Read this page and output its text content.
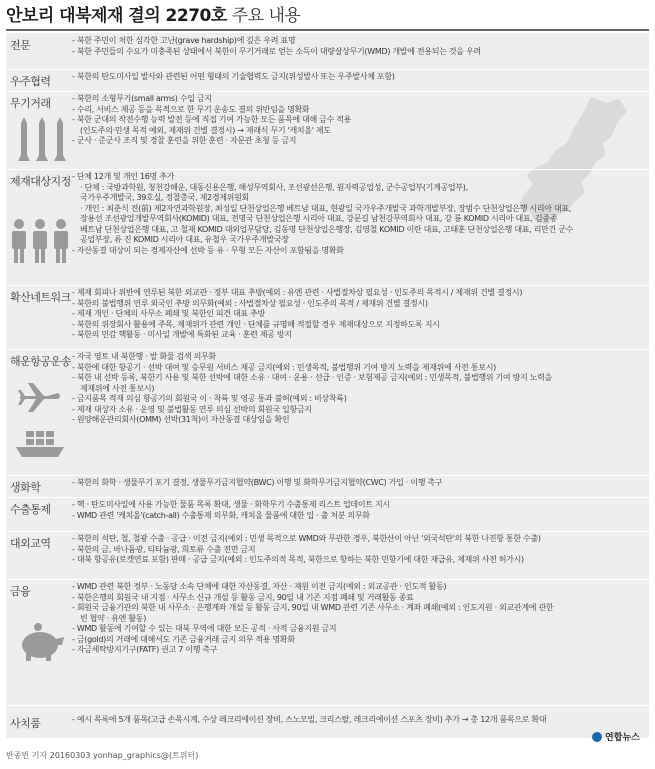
안보리 대북제재 결의 2270호 주요 내용
전문	- 북한 주민이 처한 심각한 고난(grave hardship)에 깊은 우려 표명
- 북한 주민들의 수요가 미충족된 상태에서 북한이 무기거래로 얻는 소득이 대량살상무기(WMD) 개발에 전용되는 것을 우려
우주협력	- 북한의 탄도미사일 발사와 관련된 어떤 형태의 기술협력도 금지(위성발사 또는 우주발사체 포함)
무기거래	- 북한의 소형무기(small arms) 수입 금지
- 수리, 서비스 제공 등을 목적으로 한 무기 운송도 결의 위반임을 명확화
- 북한 군대의 작전수행 능력 발전 등에 직접 기여 가능한 모든 품목에 대해 금수 적용
(인도주의·민생 목적 예외, 제재위 건별 결정시) → 재래식 무기 '캐치올' 제도
- 군사 · 준군사 조직 및 경찰 훈련을 위한 훈련 · 자문관 초청 등 금지
제재대상지정 - 단체 12개 및 개인 16명 추가
· 단체 : 국방과학원, 청천강해운, 대동신용은행, 해성무역회사, 조선광선은행, 원자력공업성, 군수공업부(기계공업부),
국가우주개발국, 39호실, 정찰총국, 제2경제위원회
· 개인 : 최춘식 전(前) 제2자연과학원장, 최성일 단천상업은행 베트남 대표, 현광일 국가우주개발국 과학개발부장, 장범수 단천상업은행 시리아 대표,
장용선 조선광업개발무역회사(KOMID) 대표, 전명국 단천상업은행 시리아 대표, 강문길 남천강무역회사 대표, 강 룡 KOMID 시리아 대표, 김중종
베트남 단천상업은행 대표, 고 철재 KOMID 대외업무담당, 김동명 단천상업은행장, 김영철 KOMID 이란 대표, 고태훈 단천상업은행 대표, 리만건 군수
공업부장, 류 진 KOMID 시리아 대표, 유철우 국가우주개발국장
- 자산동결 대상이 되는 경제자산에 선박 등 유 · 무형 모든 자산이 포함됨을 명확화
확산네트워크 - 제재 회피나 위반에 연루된 북한 외교관 · 정부 대표 추방(예외 : 유엔 관련 · 사법절차상 필요성 · 인도주의 목적시 / 제재위 건별 결정시)
- 북한의 불법행위 연루 외국인 추방 의무화(예외 : 사법절차상 필요성 · 인도주의 목적 / 제재위 건별 결정시)
- 제재 개인 · 단체의 사무소 폐쇄 및 북한인 피견 대표 추방
- 북한의 위장회사 활용에 주목, 제재위가 관련 개인 · 단체를 규명해 적절할 경우 제재대상으로 지정하도록 지시
- 북한의 민감 핵활동 · 미사일 개발에 특화된 교육 · 훈련 제공 방지
해운항공운송 - 자국 영토 내 북한행 · 발 화물 검색 의무화
- 북한에 대한 항공기 · 선박 대여 및 승무원 서비스 제공 금지(예외 : 민생목적, 불법행위 기여 방지 노력을 제재위에 사전 통보시)
- 북한 내 선박 등록, 북한기 사용 및 북한 선박에 대한 소유 · 대여 · 운용 · 선급 · 인증 · 보험제공 금지(예외 : 민생목적, 불법행위 기여 방지 노력을
제재위에 사전 통보시)
- 금지품목 적재 의심 항공기의 회원국 이 · 착륙 및 영공 통과 불허(예외 : 비상착륙)
- 제재 대상자 소유 · 운영 및 불법활동 연루 의심 선박의 회원국 입항금지
- 원양해운관리회사(OMM) 선박(31척)이 자산동결 대상임을 확인
생화학	- 북한의 화학 · 생물무기 포기 결정, 생물무기금지협약(BWC) 이행 및 화학무기금지협약(CWC) 가입 · 이행 촉구
수출통제	- 핵 · 탄도미사일에 사용 가능한 물품 목록 확대, 생물 · 화학무기 수출통제 리스트 업데이트 지시
- WMD 관련 '캐치올'(catch-all) 수출통제 의무화, 캐치올 물품에 대한 입 · 출 처분 의무화
대외교역	- 북한의 석탄, 철, 철광 수출 · 공급 · 이전 금지(예외 : 민생 목적으로 WMD와 무관한 경우, 북한산이 아닌 '외국석탄'의 북한 나진항 통한 수출)
- 북한의 금, 바나듐광, 티타늄광, 희토류 수출 전면 금지
- 대북 항공유(로켓연료 포함) 판매 · 공급 금지(예외 : 인도주의적 목적, 북한으로 항하는 북한 민항기에 대한 재급유, 제재위 사전 허가시)
금융	- WMD 관련 북한 정부 · 노동당 소속 단체에 대한 자산동결, 자산 · 재원 이전 금지(예외 : 외교공관 · 인도적 활동)
- 북한은행의 회원국 내 지점 · 사무소 신규 개설 등 활동 금지, 90일 내 기존 지점 폐쇄 및 거래활동 종료
- 회원국 금융기관의 북한 내 사무소 · 은행계좌 개설 등 활동 금지, 90일 내 WMD 관련 기존 사무소 · 계좌 폐쇄(예외 : 인도지원 · 외교관계에 관한
빈 협약 · 유엔 활동)
- WMD 활동에 기여할 수 있는 대북 무역에 대한 모든 공적 · 사적 금융지원 금지
- 금(gold)의 거래에 대해서도 기존 금융거래 금지 의무 적용 명확화
- 자금세탁방지기구(FATF) 권고 7 이행 촉구
사치품	- 예시 목록에 5개 품목(고급 손목시계, 수상 레크리에이션 장비, 스노모빌, 크리스탈, 레크리에이션 스포츠 장비) 추가 → 총 12개 품목으로 확대
연합뉴스
반종빈 기자 20160303 yonhap_graphics@(트위터)
